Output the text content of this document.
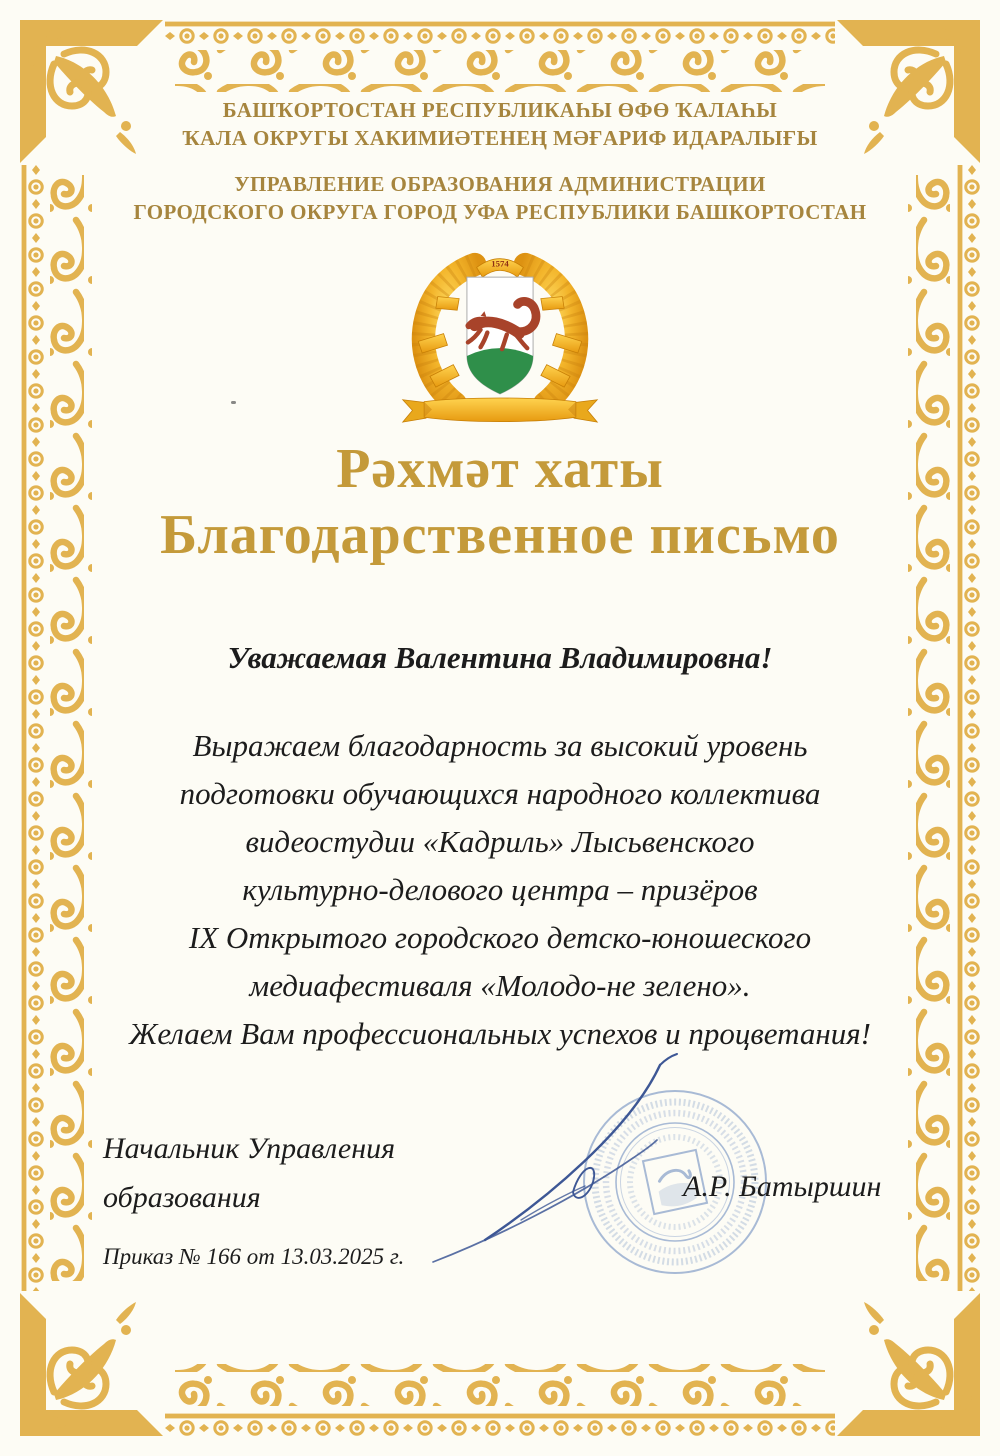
БАШҠОРТОСТАН РЕСПУБЛИКАҺЫ ӨФӨ ҠАЛАҺЫ
ҠАЛА ОКРУГЫ ХАКИМИӘТЕНЕҢ МӘҒАРИФ ИДАРАЛЫҒЫ
УПРАВЛЕНИЕ ОБРАЗОВАНИЯ АДМИНИСТРАЦИИ
ГОРОДСКОГО ОКРУГА ГОРОД УФА РЕСПУБЛИКИ БАШКОРТОСТАН
1574
Рәхмәт хаты
Благодарственное письмо
Уважаемая Валентина Владимировна!
Выражаем благодарность за высокий уровень
подготовки обучающихся народного коллектива
видеостудии «Кадриль» Лысьвенского
культурно-делового центра – призёров
IX Открытого городского детско-юношеского
медиафестиваля «Молодо-не зелено».
Желаем Вам профессиональных успехов и процветания!
Начальник Управления
образования	А.Р. Батыршин
Приказ № 166 от 13.03.2025 г.
